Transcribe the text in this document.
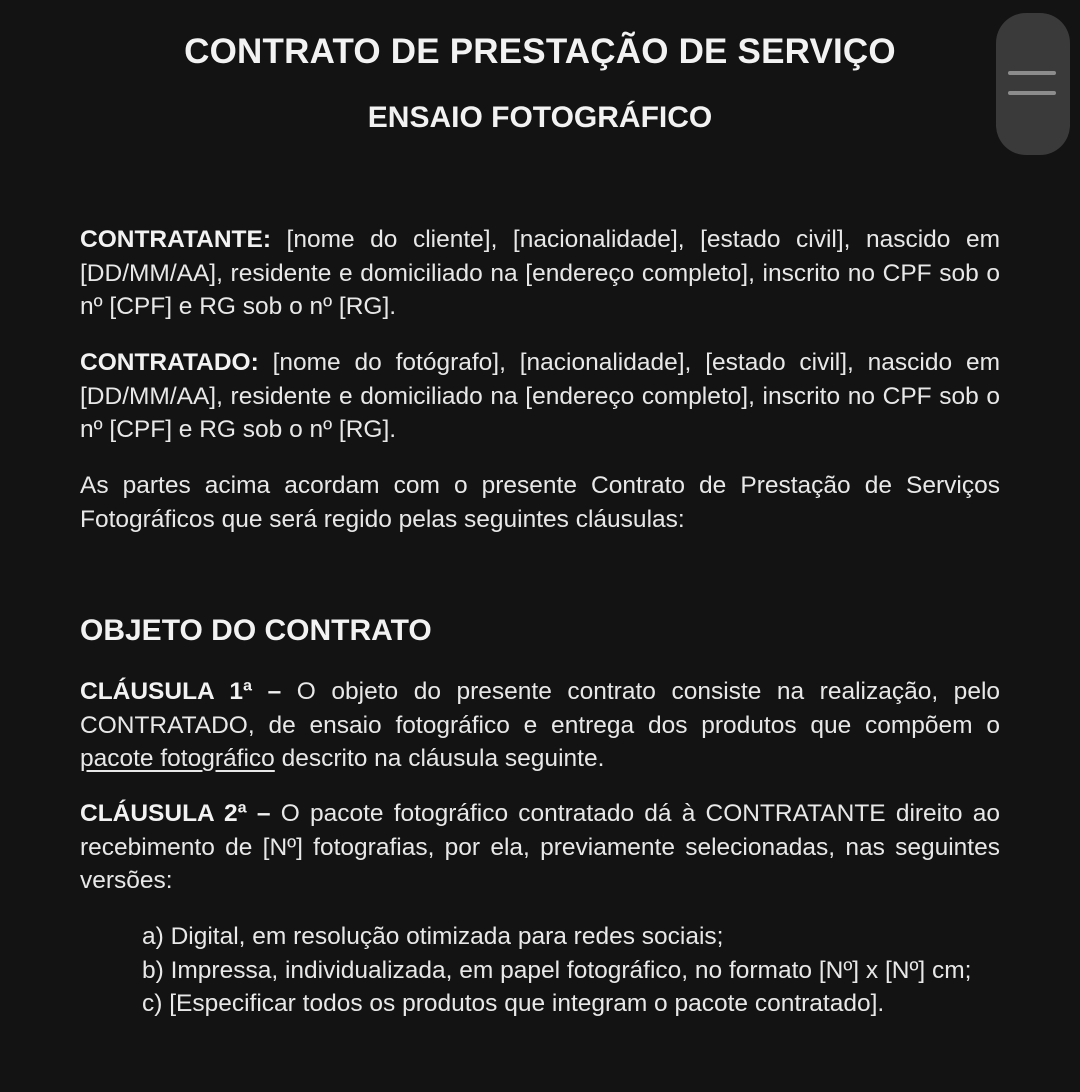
CONTRATO DE PRESTAÇÃO DE SERVIÇO
ENSAIO FOTOGRÁFICO
CONTRATANTE: [nome do cliente], [nacionalidade], [estado civil], nascido em [DD/MM/AA], residente e domiciliado na [endereço completo], inscrito no CPF sob o nº [CPF] e RG sob o nº [RG].
CONTRATADO: [nome do fotógrafo], [nacionalidade], [estado civil], nascido em [DD/MM/AA], residente e domiciliado na [endereço completo], inscrito no CPF sob o nº [CPF] e RG sob o nº [RG].
As partes acima acordam com o presente Contrato de Prestação de Serviços Fotográficos que será regido pelas seguintes cláusulas:
OBJETO DO CONTRATO
CLÁUSULA 1ª – O objeto do presente contrato consiste na realização, pelo CONTRATADO, de ensaio fotográfico e entrega dos produtos que compõem o pacote fotográfico descrito na cláusula seguinte.
CLÁUSULA 2ª – O pacote fotográfico contratado dá à CONTRATANTE direito ao recebimento de [Nº] fotografias, por ela, previamente selecionadas, nas seguintes versões:
a) Digital, em resolução otimizada para redes sociais;
b) Impressa, individualizada, em papel fotográfico, no formato [Nº] x [Nº] cm;
c) [Especificar todos os produtos que integram o pacote contratado].
